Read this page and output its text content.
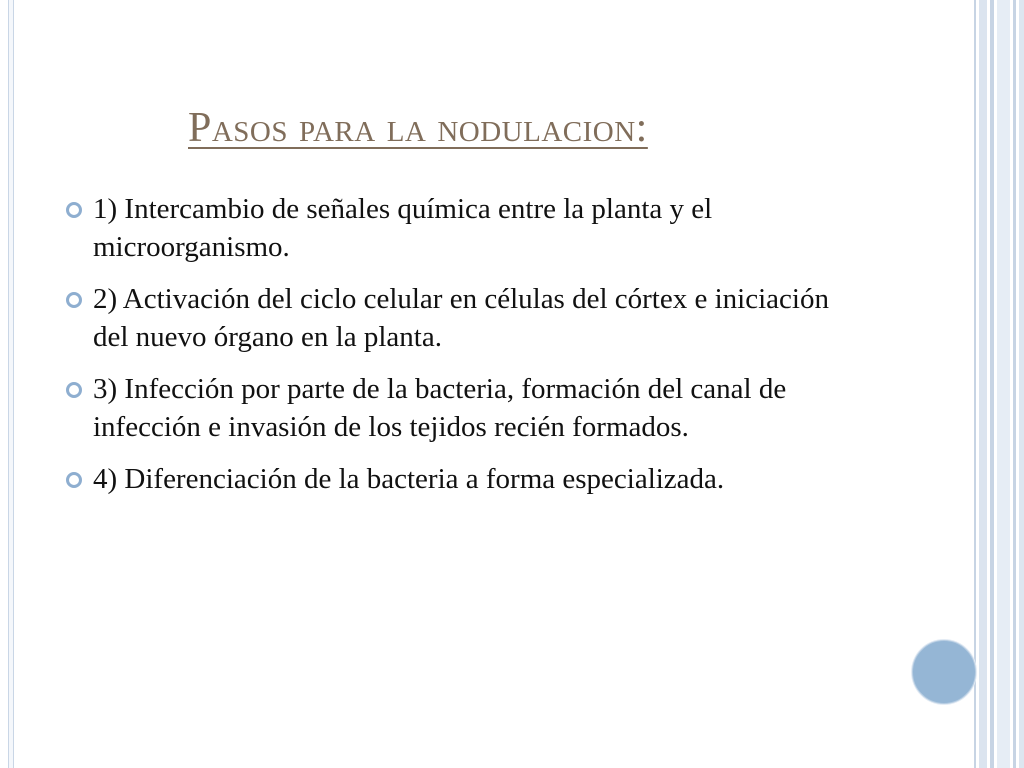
Pasos para la nodulacion:
1) Intercambio de señales química entre la planta y el microorganismo.
2) Activación del ciclo celular en células del córtex e iniciación del nuevo órgano en la planta.
3) Infección por parte de la bacteria, formación del canal de infección e invasión de los tejidos recién formados.
4) Diferenciación de la bacteria a forma especializada.
